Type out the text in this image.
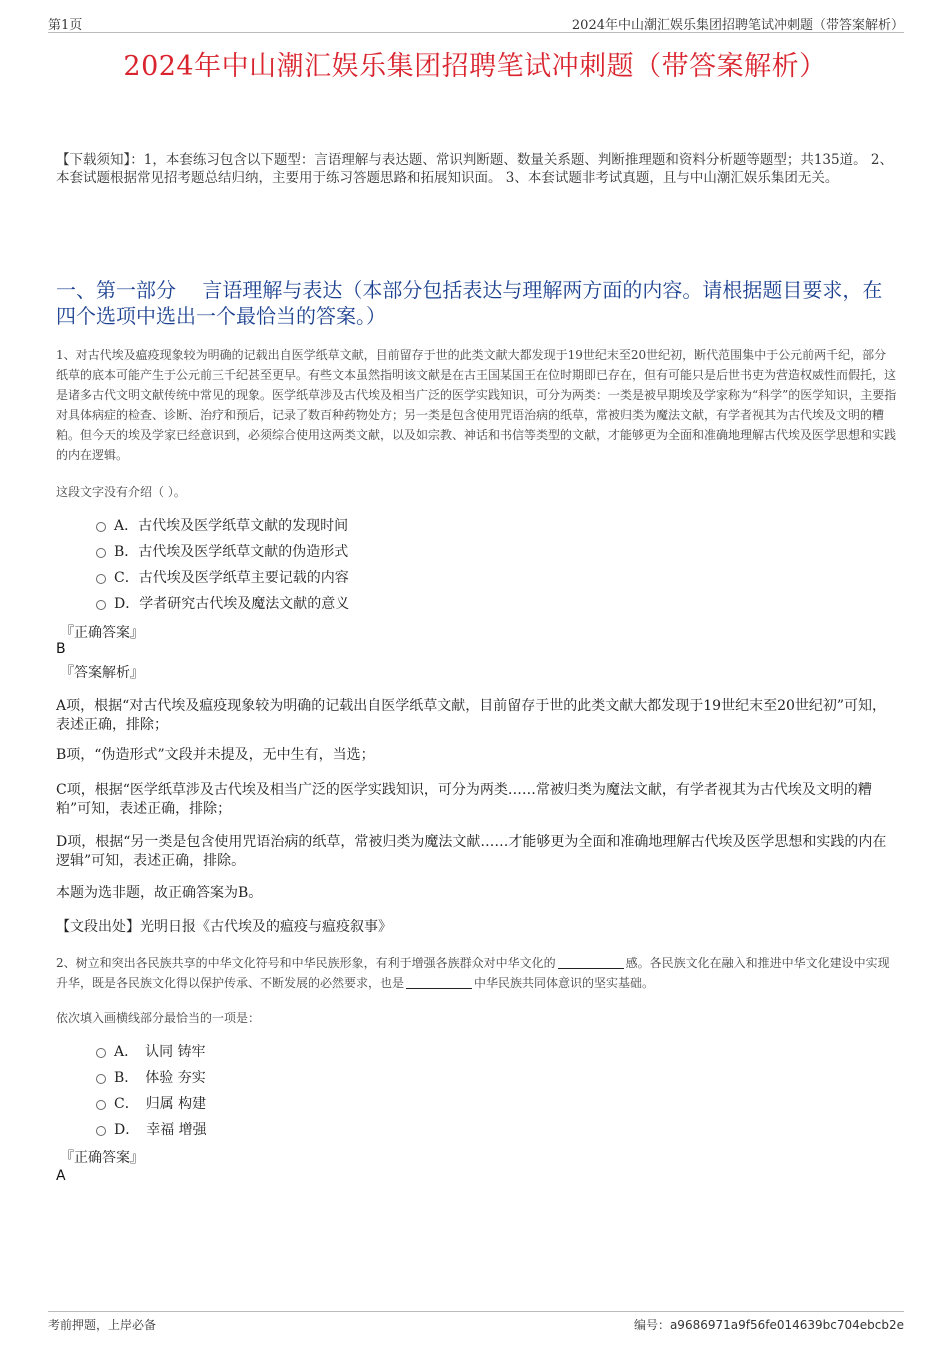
第1页	2024年中山潮汇娱乐集团招聘笔试冲刺题（带答案解析）
2024年中山潮汇娱乐集团招聘笔试冲刺题（带答案解析）
【下载须知】：1，本套练习包含以下题型：言语理解与表达题、常识判断题、数量关系题、判断推理题和资料分析题等题型；共135道。 2、本套试题根据常见招考题总结归纳，主要用于练习答题思路和拓展知识面。 3、本套试题非考试真题，且与中山潮汇娱乐集团无关。
一、第一部分　 言语理解与表达（本部分包括表达与理解两方面的内容。请根据题目要求，在四个选项中选出一个最恰当的答案。）
1、对古代埃及瘟疫现象较为明确的记载出自医学纸草文献，目前留存于世的此类文献大都发现于19世纪末至20世纪初，断代范围集中于公元前两千纪，部分纸草的底本可能产生于公元前三千纪甚至更早。有些文本虽然指明该文献是在古王国某国王在位时期即已存在，但有可能只是后世书吏为营造权威性而假托，这是诸多古代文明文献传统中常见的现象。医学纸草涉及古代埃及相当广泛的医学实践知识，可分为两类：一类是被早期埃及学家称为“科学”的医学知识，主要指对具体病症的检查、诊断、治疗和预后，记录了数百种药物处方；另一类是包含使用咒语治病的纸草，常被归类为魔法文献，有学者视其为古代埃及文明的糟粕。但今天的埃及学家已经意识到，必须综合使用这两类文献，以及如宗教、神话和书信等类型的文献，才能够更为全面和准确地理解古代埃及医学思想和实践的内在逻辑。
这段文字没有介绍（ ）。
A．古代埃及医学纸草文献的发现时间
B．古代埃及医学纸草文献的伪造形式
C．古代埃及医学纸草主要记载的内容
D．学者研究古代埃及魔法文献的意义
『正确答案』
B
『答案解析』
A项，根据“对古代埃及瘟疫现象较为明确的记载出自医学纸草文献，目前留存于世的此类文献大都发现于19世纪末至20世纪初”可知，表述正确，排除；
B项，“伪造形式”文段并未提及，无中生有，当选；
C项，根据“医学纸草涉及古代埃及相当广泛的医学实践知识，可分为两类……常被归类为魔法文献，有学者视其为古代埃及文明的糟粕”可知，表述正确，排除；
D项，根据“另一类是包含使用咒语治病的纸草，常被归类为魔法文献……才能够更为全面和准确地理解古代埃及医学思想和实践的内在逻辑”可知，表述正确，排除。
本题为选非题，故正确答案为B。
【文段出处】光明日报《古代埃及的瘟疫与瘟疫叙事》
2、树立和突出各民族共享的中华文化符号和中华民族形象，有利于增强各族群众对中华文化的	感。各民族文化在融入和推进中华文化建设中实现升华，既是各民族文化得以保护传承、不断发展的必然要求，也是	中华民族共同体意识的坚实基础。
依次填入画横线部分最恰当的一项是：
A．　认同 铸牢
B．　体验 夯实
C．　归属 构建
D．　幸福 增强
『正确答案』
A
考前押题，上岸必备	编号：a9686971a9f56fe014639bc704ebcb2e
